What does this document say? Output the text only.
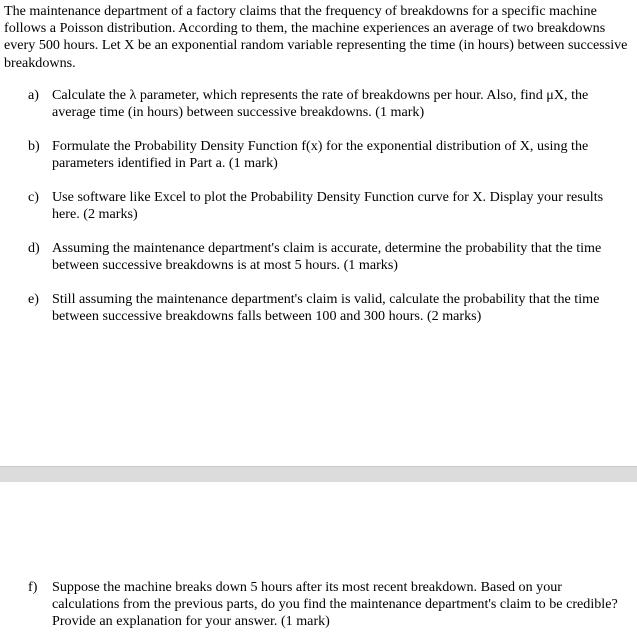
The maintenance department of a factory claims that the frequency of breakdowns for a specific machine follows a Poisson distribution. According to them, the machine experiences an average of two breakdowns every 500 hours. Let X be an exponential random variable representing the time (in hours) between successive breakdowns.

a) Calculate the λ parameter, which represents the rate of breakdowns per hour. Also, find μX, the average time (in hours) between successive breakdowns. (1 mark)
b) Formulate the Probability Density Function f(x) for the exponential distribution of X, using the parameters identified in Part a. (1 mark)
c) Use software like Excel to plot the Probability Density Function curve for X. Display your results here. (2 marks)
d) Assuming the maintenance department's claim is accurate, determine the probability that the time between successive breakdowns is at most 5 hours. (1 marks)
e) Still assuming the maintenance department's claim is valid, calculate the probability that the time between successive breakdowns falls between 100 and 300 hours. (2 marks)
f)	Suppose the machine breaks down 5 hours after its most recent breakdown. Based on your calculations from the previous parts, do you find the maintenance department's claim to be credible? Provide an explanation for your answer. (1 mark)
